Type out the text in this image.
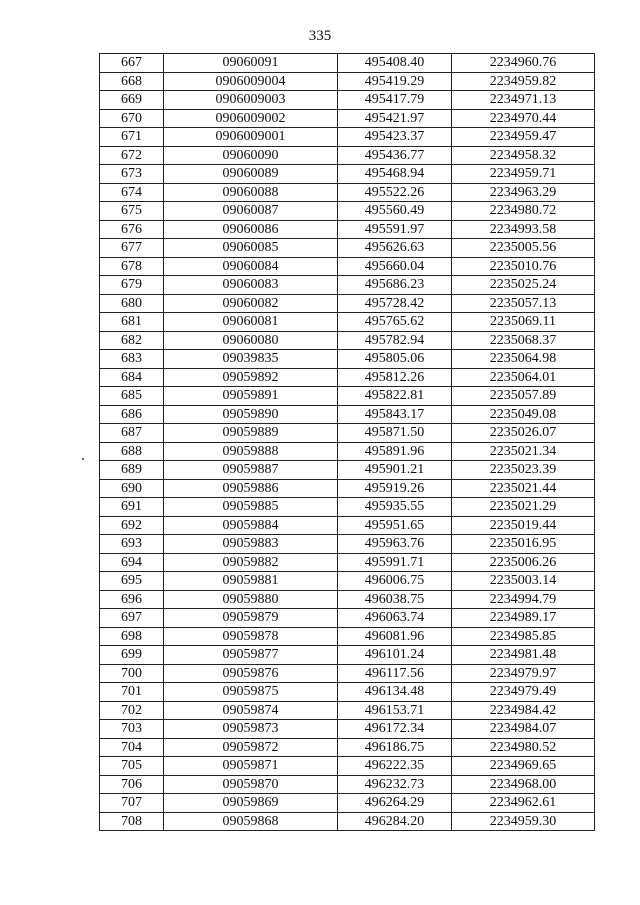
335
667	09060091	495408.40	2234960.76
668	0906009004	495419.29	2234959.82
669	0906009003	495417.79	2234971.13
670	0906009002	495421.97	2234970.44
671	0906009001	495423.37	2234959.47
672	09060090	495436.77	2234958.32
673	09060089	495468.94	2234959.71
674	09060088	495522.26	2234963.29
675	09060087	495560.49	2234980.72
676	09060086	495591.97	2234993.58
677	09060085	495626.63	2235005.56
678	09060084	495660.04	2235010.76
679	09060083	495686.23	2235025.24
680	09060082	495728.42	2235057.13
681	09060081	495765.62	2235069.11
682	09060080	495782.94	2235068.37
683	09039835	495805.06	2235064.98
684	09059892	495812.26	2235064.01
685	09059891	495822.81	2235057.89
686	09059890	495843.17	2235049.08
687	09059889	495871.50	2235026.07
688	09059888	495891.96	2235021.34
689	09059887	495901.21	2235023.39
690	09059886	495919.26	2235021.44
691	09059885	495935.55	2235021.29
692	09059884	495951.65	2235019.44
693	09059883	495963.76	2235016.95
694	09059882	495991.71	2235006.26
695	09059881	496006.75	2235003.14
696	09059880	496038.75	2234994.79
697	09059879	496063.74	2234989.17
698	09059878	496081.96	2234985.85
699	09059877	496101.24	2234981.48
700	09059876	496117.56	2234979.97
701	09059875	496134.48	2234979.49
702	09059874	496153.71	2234984.42
703	09059873	496172.34	2234984.07
704	09059872	496186.75	2234980.52
705	09059871	496222.35	2234969.65
706	09059870	496232.73	2234968.00
707	09059869	496264.29	2234962.61
708	09059868	496284.20	2234959.30
